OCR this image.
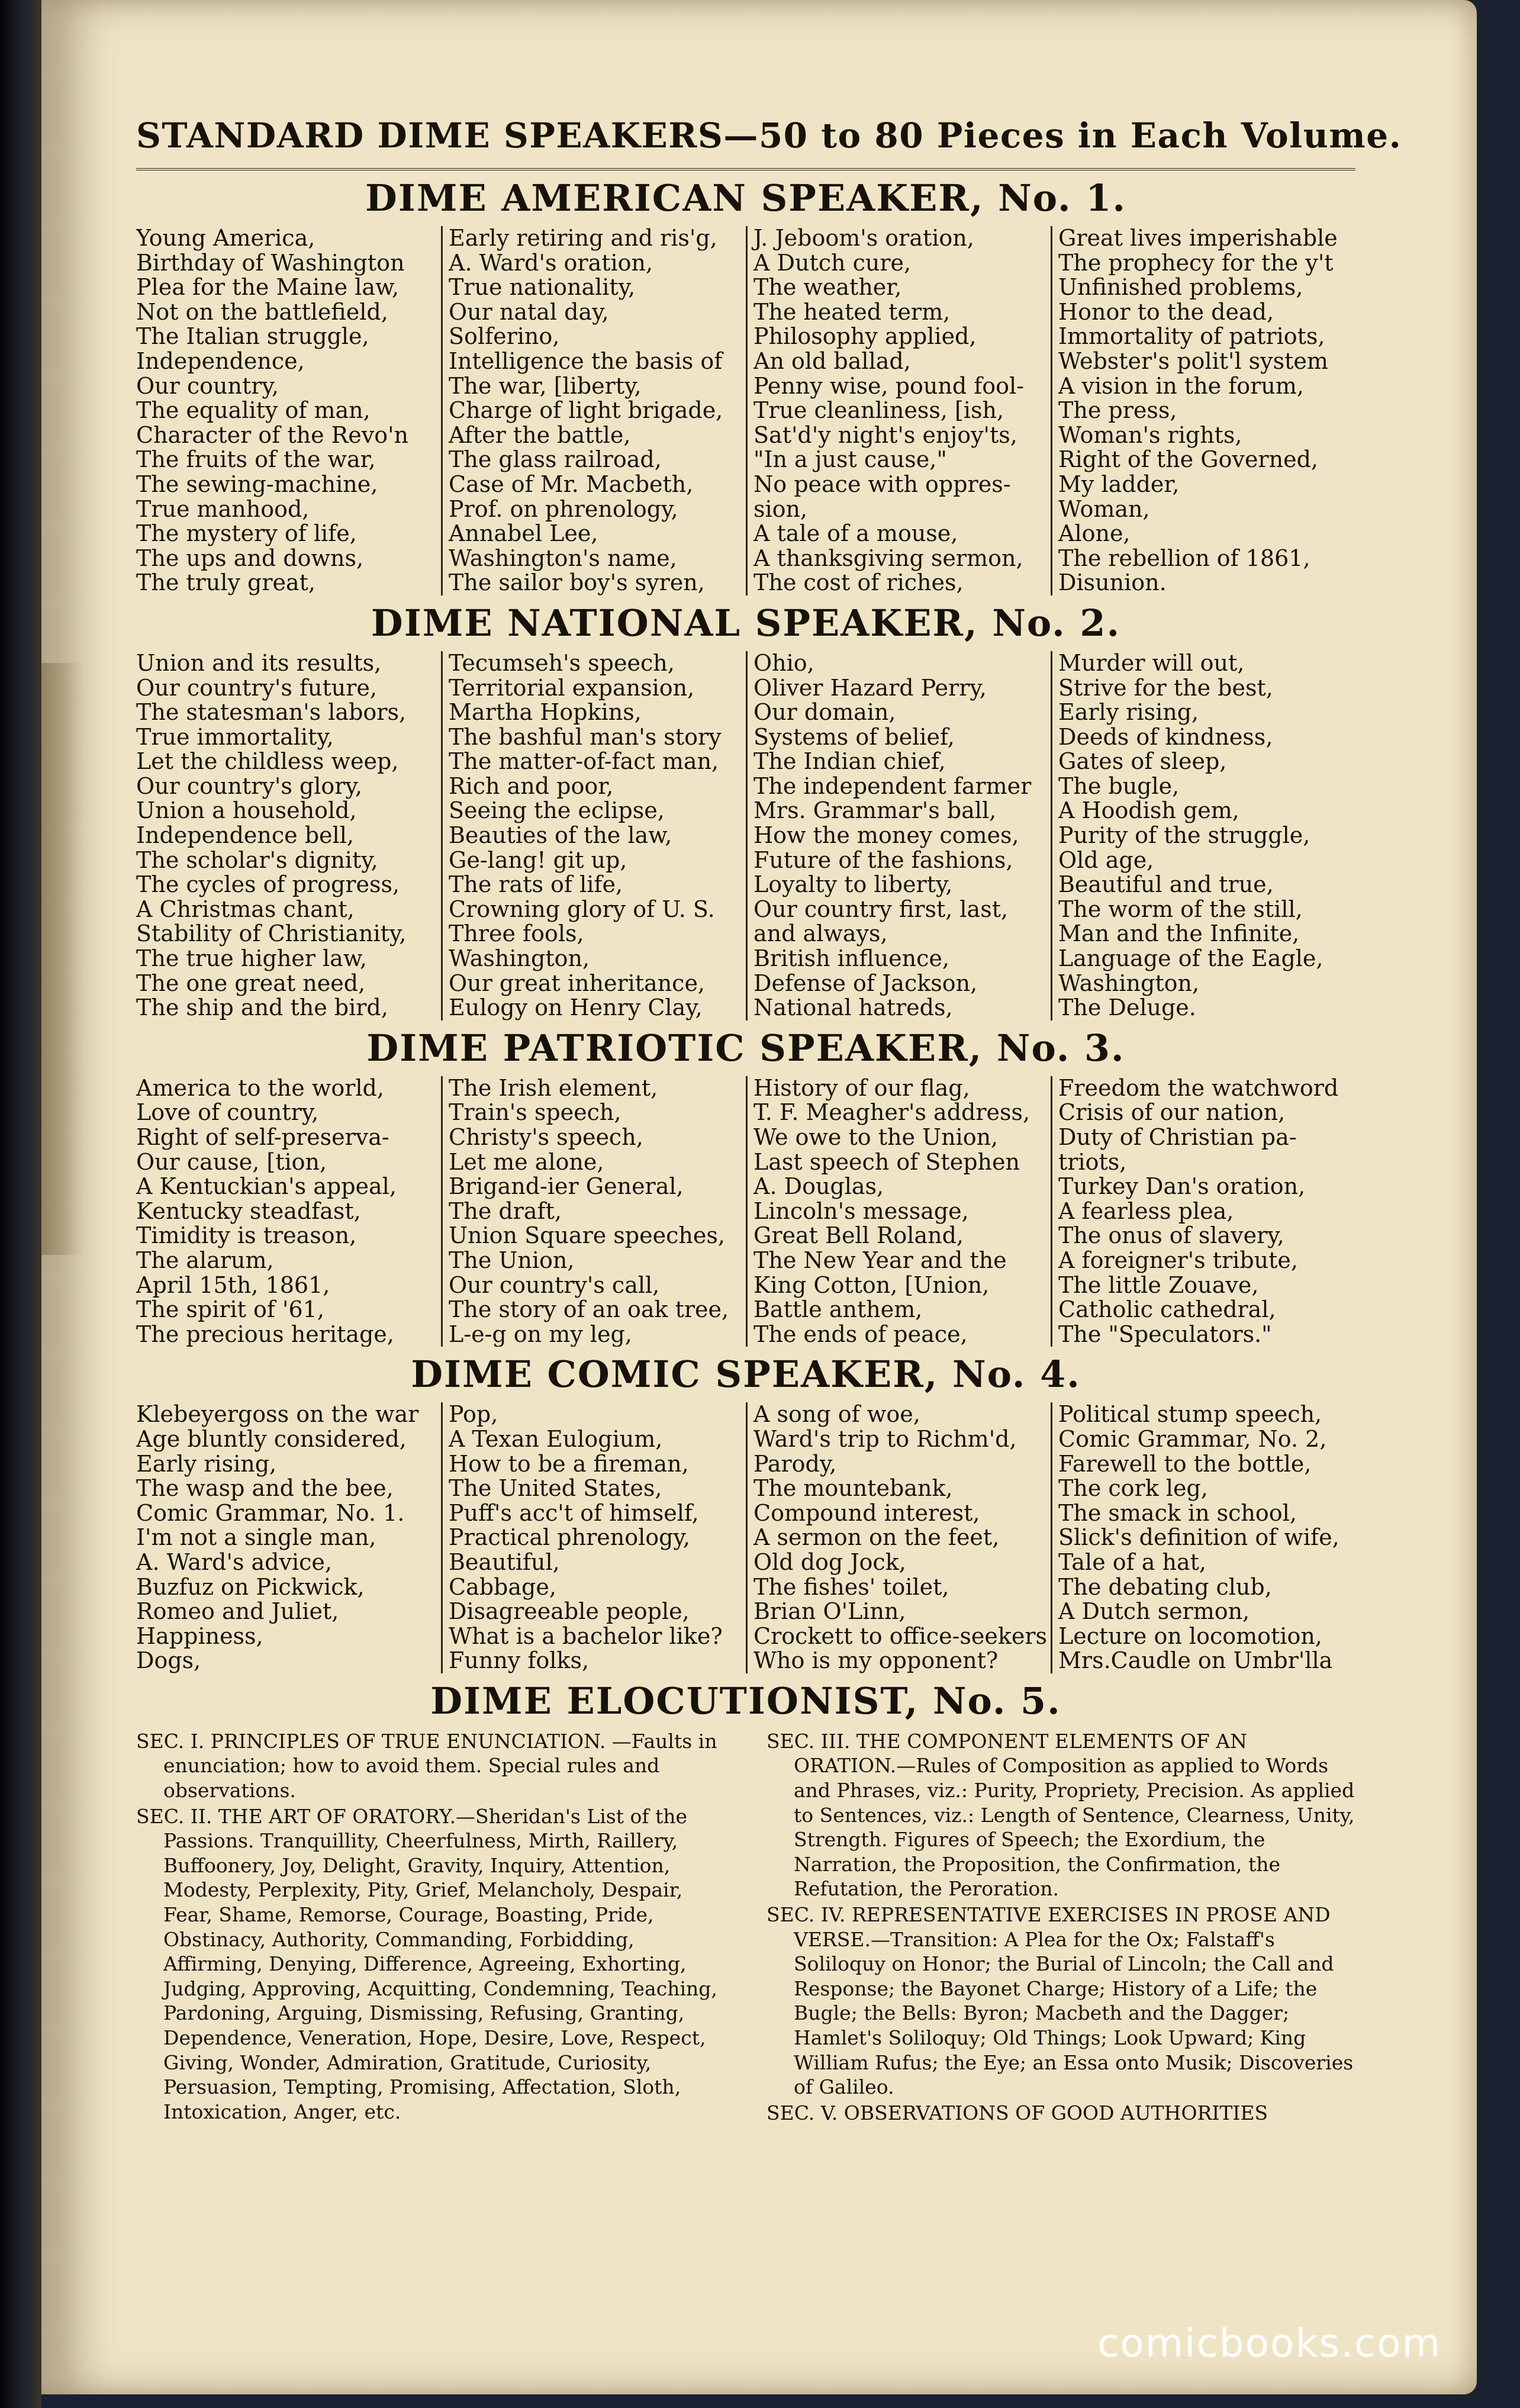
STANDARD DIME SPEAKERS—50 to 80 Pieces in Each Volume.
DIME AMERICAN SPEAKER, No. 1.
Young America,
Birthday of Washington
Plea for the Maine law,
Not on the battlefield,
The Italian struggle,
Independence,
Our country,
The equality of man,
Character of the Revo'n
The fruits of the war,
The sewing-machine,
True manhood,
The mystery of life,
The ups and downs,
The truly great,
Early retiring and ris'g,
A. Ward's oration,
True nationality,
Our natal day,
Solferino,
Intelligence the basis of
The war, [liberty,
Charge of light brigade,
After the battle,
The glass railroad,
Case of Mr. Macbeth,
Prof. on phrenology,
Annabel Lee,
Washington's name,
The sailor boy's syren,
J. Jeboom's oration,
A Dutch cure,
The weather,
The heated term,
Philosophy applied,
An old ballad,
Penny wise, pound fool-
True cleanliness, [ish,
Sat'd'y night's enjoy'ts,
"In a just cause,"
No peace with oppres-
sion,
A tale of a mouse,
A thanksgiving sermon,
The cost of riches,
Great lives imperishable
The prophecy for the y't
Unfinished problems,
Honor to the dead,
Immortality of patriots,
Webster's polit'l system
A vision in the forum,
The press,
Woman's rights,
Right of the Governed,
My ladder,
Woman,
Alone,
The rebellion of 1861,
Disunion.
DIME NATIONAL SPEAKER, No. 2.
Union and its results,
Our country's future,
The statesman's labors,
True immortality,
Let the childless weep,
Our country's glory,
Union a household,
Independence bell,
The scholar's dignity,
The cycles of progress,
A Christmas chant,
Stability of Christianity,
The true higher law,
The one great need,
The ship and the bird,
Tecumseh's speech,
Territorial expansion,
Martha Hopkins,
The bashful man's story
The matter-of-fact man,
Rich and poor,
Seeing the eclipse,
Beauties of the law,
Ge-lang! git up,
The rats of life,
Crowning glory of U. S.
Three fools,
Washington,
Our great inheritance,
Eulogy on Henry Clay,
Ohio,
Oliver Hazard Perry,
Our domain,
Systems of belief,
The Indian chief,
The independent farmer
Mrs. Grammar's ball,
How the money comes,
Future of the fashions,
Loyalty to liberty,
Our country first, last,
and always,
British influence,
Defense of Jackson,
National hatreds,
Murder will out,
Strive for the best,
Early rising,
Deeds of kindness,
Gates of sleep,
The bugle,
A Hoodish gem,
Purity of the struggle,
Old age,
Beautiful and true,
The worm of the still,
Man and the Infinite,
Language of the Eagle,
Washington,
The Deluge.
DIME PATRIOTIC SPEAKER, No. 3.
America to the world,
Love of country,
Right of self-preserva-
Our cause, [tion,
A Kentuckian's appeal,
Kentucky steadfast,
Timidity is treason,
The alarum,
April 15th, 1861,
The spirit of '61,
The precious heritage,
The Irish element,
Train's speech,
Christy's speech,
Let me alone,
Brigand-ier General,
The draft,
Union Square speeches,
The Union,
Our country's call,
The story of an oak tree,
L-e-g on my leg,
History of our flag,
T. F. Meagher's address,
We owe to the Union,
Last speech of Stephen
A. Douglas,
Lincoln's message,
Great Bell Roland,
The New Year and the
King Cotton, [Union,
Battle anthem,
The ends of peace,
Freedom the watchword
Crisis of our nation,
Duty of Christian pa-
triots,
Turkey Dan's oration,
A fearless plea,
The onus of slavery,
A foreigner's tribute,
The little Zouave,
Catholic cathedral,
The "Speculators."
DIME COMIC SPEAKER, No. 4.
Klebeyergoss on the war
Age bluntly considered,
Early rising,
The wasp and the bee,
Comic Grammar, No. 1.
I'm not a single man,
A. Ward's advice,
Buzfuz on Pickwick,
Romeo and Juliet,
Happiness,
Dogs,
Pop,
A Texan Eulogium,
How to be a fireman,
The United States,
Puff's acc't of himself,
Practical phrenology,
Beautiful,
Cabbage,
Disagreeable people,
What is a bachelor like?
Funny folks,
A song of woe,
Ward's trip to Richm'd,
Parody,
The mountebank,
Compound interest,
A sermon on the feet,
Old dog Jock,
The fishes' toilet,
Brian O'Linn,
Crockett to office-seekers
Who is my opponent?
Political stump speech,
Comic Grammar, No. 2,
Farewell to the bottle,
The cork leg,
The smack in school,
Slick's definition of wife,
Tale of a hat,
The debating club,
A Dutch sermon,
Lecture on locomotion,
Mrs.Caudle on Umbr'lla
DIME ELOCUTIONIST, No. 5.

SEC. I. PRINCIPLES OF TRUE ENUNCIATION. —Faults in enunciation; how to avoid them. Special rules and observations.

SEC. II. THE ART OF ORATORY.—Sheridan's List of the Passions. Tranquillity, Cheerfulness, Mirth, Raillery, Buffoonery, Joy, Delight, Gravity, Inquiry, Attention, Modesty, Perplexity, Pity, Grief, Melancholy, Despair, Fear, Shame, Remorse, Courage, Boasting, Pride, Obstinacy, Authority, Commanding, Forbidding, Affirming, Denying, Difference, Agreeing, Exhorting, Judging, Approving, Acquitting, Condemning, Teaching, Pardoning, Arguing, Dismissing, Refusing, Granting, Dependence, Veneration, Hope, Desire, Love, Respect, Giving, Wonder, Admiration, Gratitude, Curiosity, Persuasion, Tempting, Promising, Affectation, Sloth, Intoxication, Anger, etc.

SEC. III. THE COMPONENT ELEMENTS OF AN ORATION.—Rules of Composition as applied to Words and Phrases, viz.: Purity, Propriety, Precision. As applied to Sentences, viz.: Length of Sentence, Clearness, Unity, Strength. Figures of Speech; the Exordium, the Narration, the Proposition, the Confirmation, the Refutation, the Peroration.

SEC. IV. REPRESENTATIVE EXERCISES IN PROSE AND VERSE.—Transition: A Plea for the Ox; Falstaff's Soliloquy on Honor; the Burial of Lincoln; the Call and Response; the Bayonet Charge; History of a Life; the Bugle; the Bells: Byron; Macbeth and the Dagger; Hamlet's Soliloquy; Old Things; Look Upward; King William Rufus; the Eye; an Essa onto Musik; Discoveries of Galileo.

SEC. V. OBSERVATIONS OF GOOD AUTHORITIES

comicbooks.com
